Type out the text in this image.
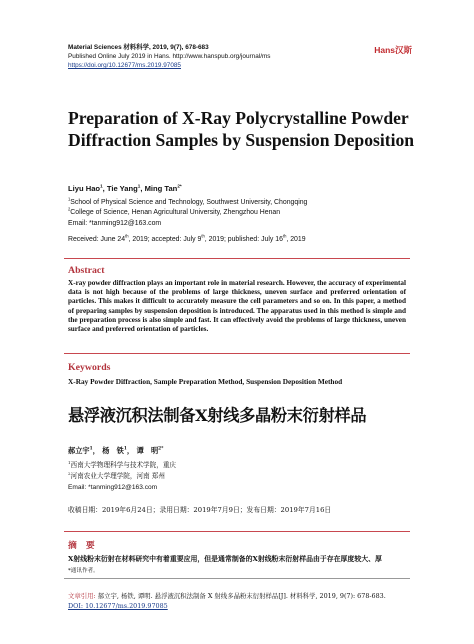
Material Sciences 材料科学, 2019, 9(7), 678-683
Published Online July 2019 in Hans. http://www.hanspub.org/journal/ms
https://doi.org/10.12677/ms.2019.97085
Hans汉斯
Preparation of X-Ray Polycrystalline Powder Diffraction Samples by Suspension Deposition
Liyu Hao$^1$, Tie Yang$^1$, Ming Tan$^{2*}$
$^1$School of Physical Science and Technology, Southwest University, Chongqing
$^2$College of Science, Henan Agricultural University, Zhengzhou Henan
Email: *tanming912@163.com
Received: June 24th, 2019; accepted: July 9th, 2019; published: July 16th, 2019
Abstract
X-ray powder diffraction plays an important role in material research. However, the accuracy of experimental data is not high because of the problems of large thickness, uneven surface and preferred orientation of particles. This makes it difficult to accurately measure the cell parameters and so on. In this paper, a method of preparing samples by suspension deposition is introduced. The apparatus used in this method is simple and the preparation process is also simple and fast. It can effectively avoid the problems of large thickness, uneven surface and preferred orientation of particles.
Keywords
X-Ray Powder Diffraction, Sample Preparation Method, Suspension Deposition Method
悬浮液沉积法制备X射线多晶粉末衍射样品
郝立宇$^1$， 杨　铁$^1$， 谭　明$^{2*}$
$^1$西南大学物理科学与技术学院，重庆
$^2$河南农业大学理学院，河南 郑州
Email: *tanming912@163.com
收稿日期：2019年6月24日；录用日期：2019年7月9日；发布日期：2019年7月16日
摘 要
X射线粉末衍射在材料研究中有着重要应用，但是通常制备的X射线粉末衍射样品由于存在厚度较大、厚
*通讯作者。
文章引用: 郝立宇, 杨铁, 谭明. 悬浮液沉积法制备 X 射线多晶粉末衍射样品[J]. 材料科学, 2019, 9(7): 678-683.
DOI: 10.12677/ms.2019.97085
